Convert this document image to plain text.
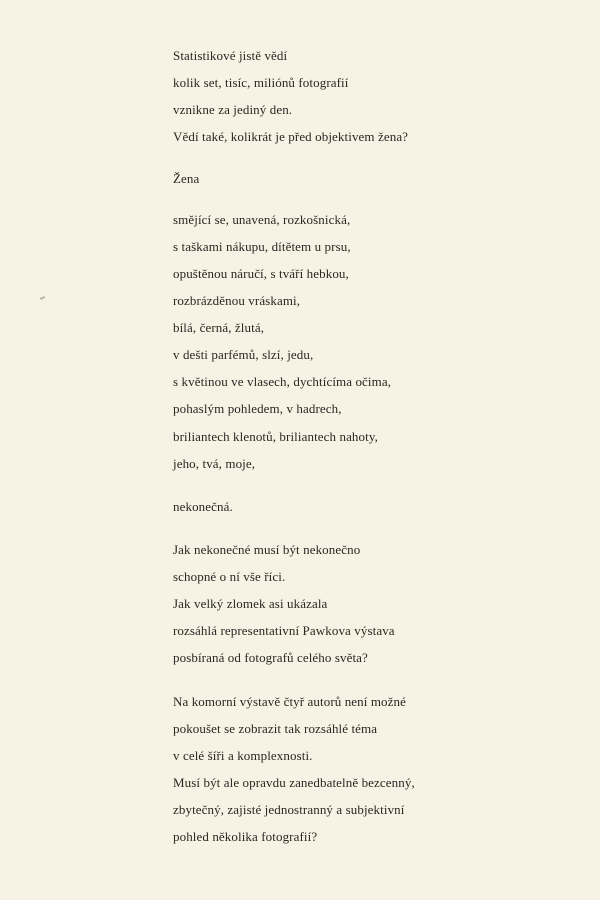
Statistikové jistě vědí
kolik set, tisíc, miliónů fotografií
vznikne za jediný den.
Vědí také, kolikrát je před objektivem žena?
Žena
smějící se, unavená, rozkošnická,
s taškami nákupu, dítětem u prsu,
opuštěnou náručí, s tváří hebkou,
rozbrázděnou vráskami,
bílá, černá, žlutá,
v dešti parfémů, slzí, jedu,
s květinou ve vlasech, dychtícíma očima,
pohaslým pohledem, v hadrech,
briliantech klenotů, briliantech nahoty,
jeho, tvá, moje,
nekonečná.
Jak nekonečné musí být nekonečno
schopné o ní vše říci.
Jak velký zlomek asi ukázala
rozsáhlá representativní Pawkova výstava
posbíraná od fotografů celého světa?
Na komorní výstavě čtyř autorů není možné
pokoušet se zobrazit tak rozsáhlé téma
v celé šíři a komplexnosti.
Musí být ale opravdu zanedbatelně bezcenný,
zbytečný, zajisté jednostranný a subjektivní
pohled několika fotografií?
